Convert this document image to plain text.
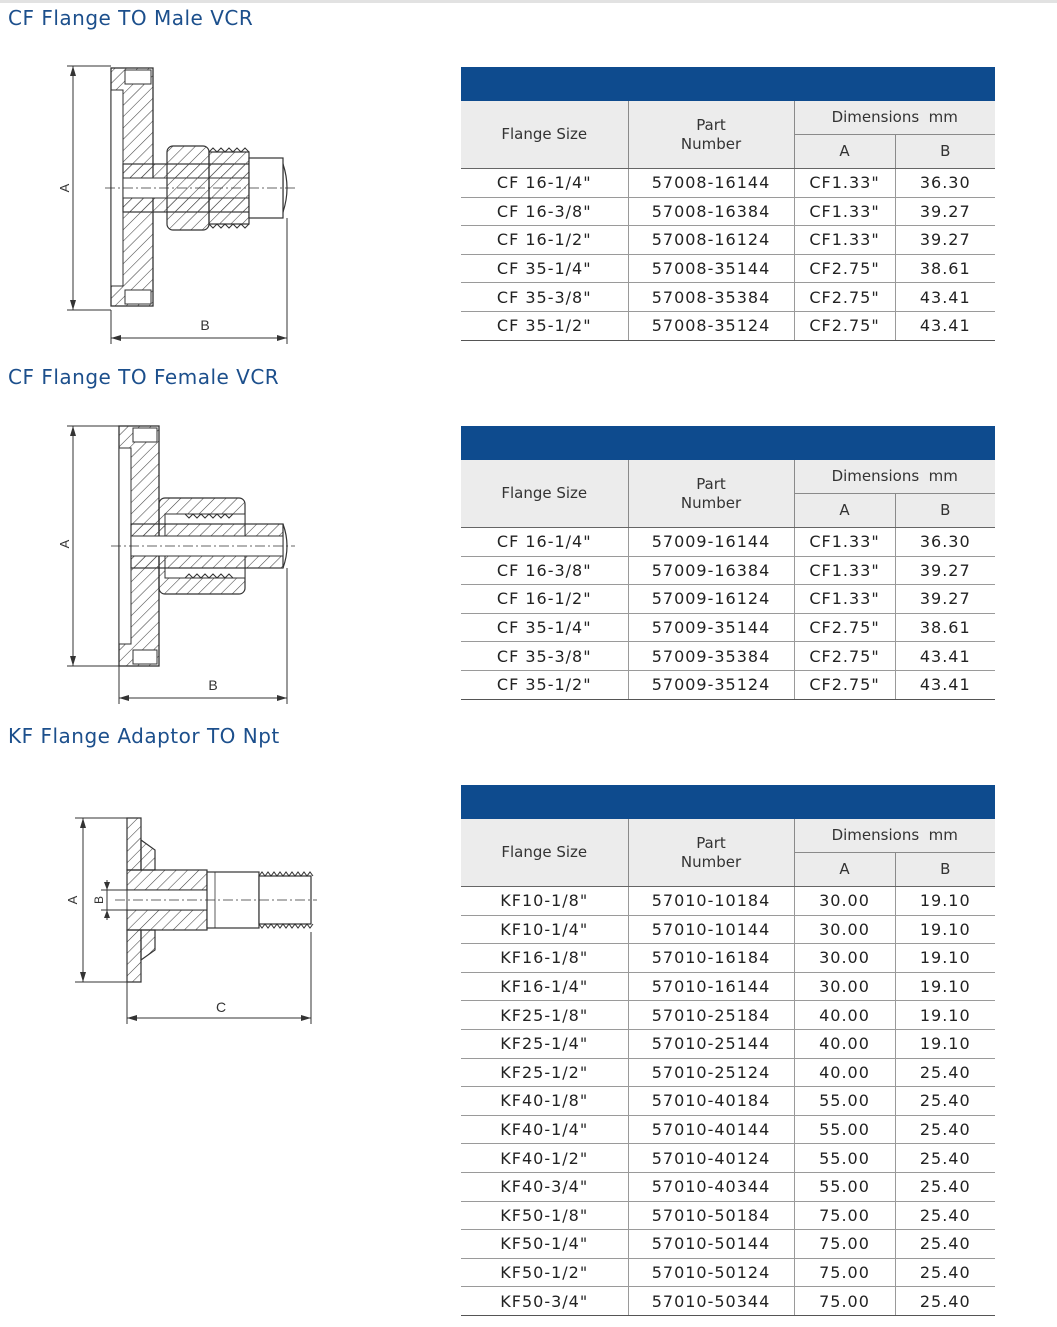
CF Flange TO Male VCR
A
B

Flange Size	Part Number	Dimensions  mm	
		A	B
CF 16-1/4"	57008-16144	CF1.33"	36.30
CF 16-3/8"	57008-16384	CF1.33"	39.27
CF 16-1/2"	57008-16124	CF1.33"	39.27
CF 35-1/4"	57008-35144	CF2.75"	38.61
CF 35-3/8"	57008-35384	CF2.75"	43.41
CF 35-1/2"	57008-35124	CF2.75"	43.41
CF Flange TO Female VCR
A
B

Flange Size	Part Number	Dimensions  mm	
		A	B
CF 16-1/4"	57009-16144	CF1.33"	36.30
CF 16-3/8"	57009-16384	CF1.33"	39.27
CF 16-1/2"	57009-16124	CF1.33"	39.27
CF 35-1/4"	57009-35144	CF2.75"	38.61
CF 35-3/8"	57009-35384	CF2.75"	43.41
CF 35-1/2"	57009-35124	CF2.75"	43.41
KF Flange Adaptor TO Npt
A B
C

Flange Size	Part Number	Dimensions  mm	
		A	B
KF10-1/8"	57010-10184	30.00	19.10
KF10-1/4"	57010-10144	30.00	19.10
KF16-1/8"	57010-16184	30.00	19.10
KF16-1/4"	57010-16144	30.00	19.10
KF25-1/8"	57010-25184	40.00	19.10
KF25-1/4"	57010-25144	40.00	19.10
KF25-1/2"	57010-25124	40.00	25.40
KF40-1/8"	57010-40184	55.00	25.40
KF40-1/4"	57010-40144	55.00	25.40
KF40-1/2"	57010-40124	55.00	25.40
KF40-3/4"	57010-40344	55.00	25.40
KF50-1/8"	57010-50184	75.00	25.40
KF50-1/4"	57010-50144	75.00	25.40
KF50-1/2"	57010-50124	75.00	25.40
KF50-3/4"	57010-50344	75.00	25.40
